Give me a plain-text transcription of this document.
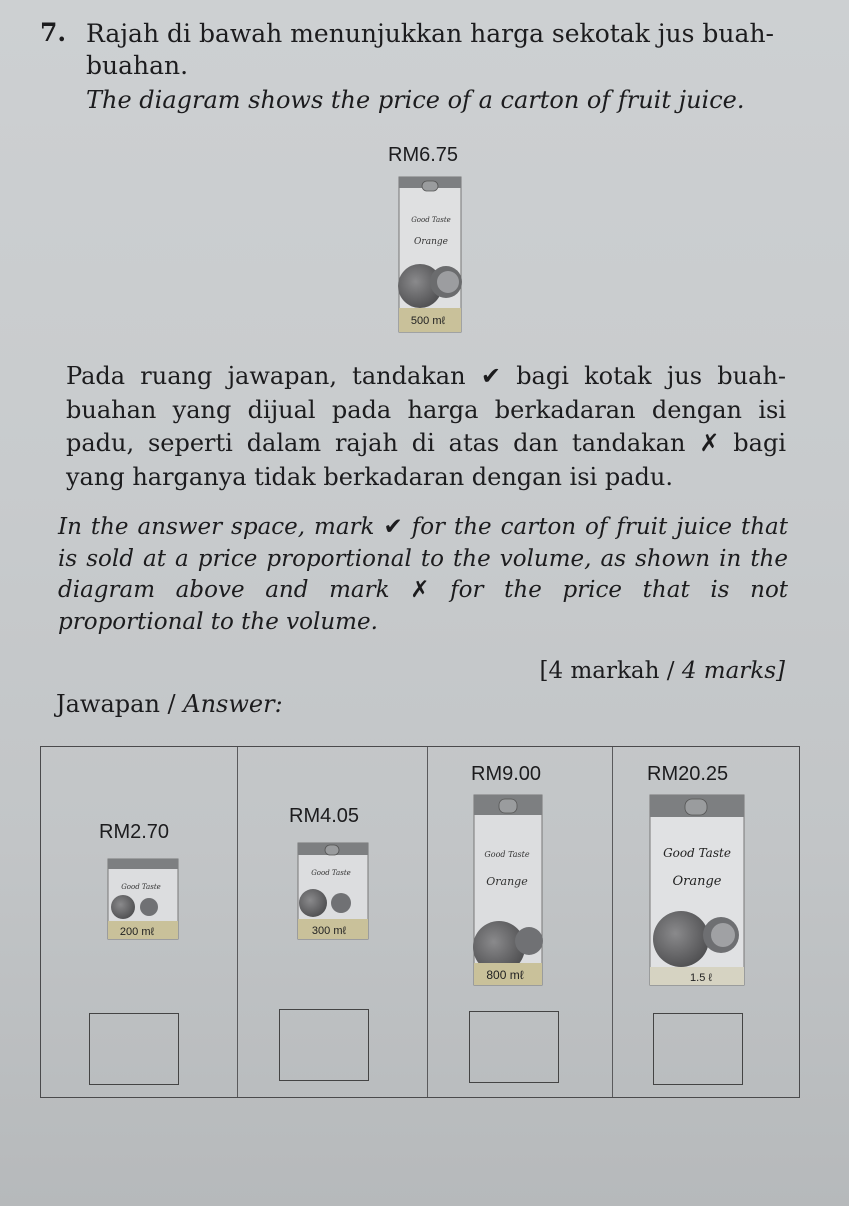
7. Rajah di bawah menunjukkan harga sekotak jus buah-buahan.
The diagram shows the price of a carton of fruit juice.
RM6.75
Good Taste
Orange
500 mℓ
Pada ruang jawapan, tandakan ✔ bagi kotak jus buah-buahan yang dijual pada harga berkadaran dengan isi padu, seperti dalam rajah di atas dan tandakan ✗ bagi yang harganya tidak berkadaran dengan isi padu.
In the answer space, mark ✔ for the carton of fruit juice that is sold at a price proportional to the volume, as shown in the diagram above and mark ✗ for the price that is not proportional to the volume.
[4 markah / 4 marks]
Jawapan / Answer:
RM2.70
Good Taste
200 mℓ
RM4.05
Good Taste
300 mℓ
RM9.00
Good Taste
Orange
800 mℓ
RM20.25
Good Taste
Orange
1.5 ℓ
